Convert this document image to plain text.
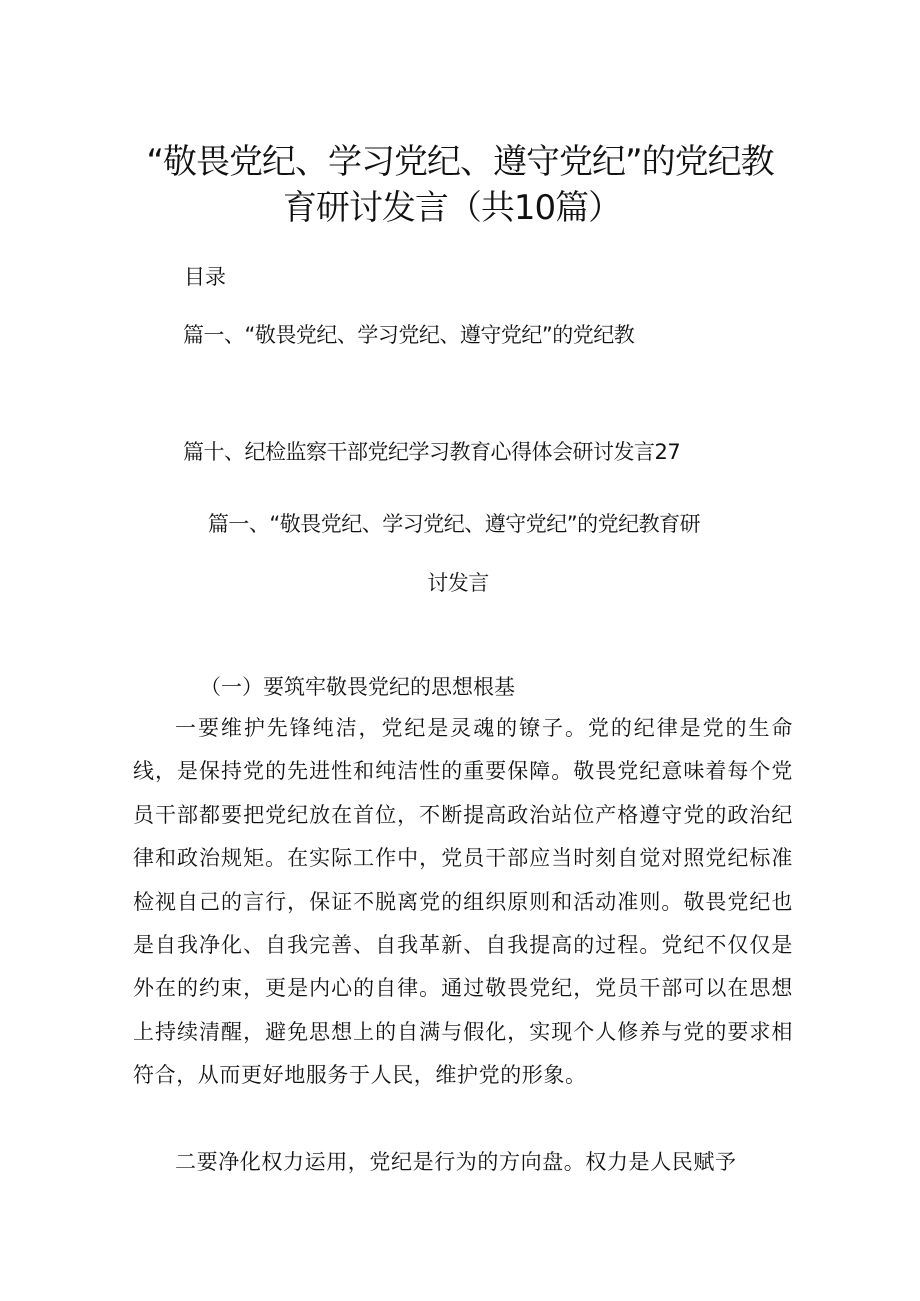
“敬畏党纪、学习党纪、遵守党纪”的党纪教
育研讨发言（共10篇）
目录
篇一、“敬畏党纪、学习党纪、遵守党纪”的党纪教
篇十、纪检监察干部党纪学习教育心得体会研讨发言27
篇一、“敬畏党纪、学习党纪、遵守党纪”的党纪教育研
讨发言
（一）要筑牢敬畏党纪的思想根基
一要维护先锋纯洁，党纪是灵魂的镣子。党的纪律是党的生命线，是保持党的先进性和纯洁性的重要保障。敬畏党纪意味着每个党员干部都要把党纪放在首位，不断提高政治站位产格遵守党的政治纪律和政治规矩。在实际工作中，党员干部应当时刻自觉对照党纪标准检视自己的言行，保证不脱离党的组织原则和活动准则。敬畏党纪也是自我净化、自我完善、自我革新、自我提高的过程。党纪不仅仅是外在的约束，更是内心的自律。通过敬畏党纪，党员干部可以在思想上持续清醒，避免思想上的自满与假化，实现个人修养与党的要求相符合，从而更好地服务于人民，维护党的形象。
二要净化权力运用，党纪是行为的方向盘。权力是人民赋予
